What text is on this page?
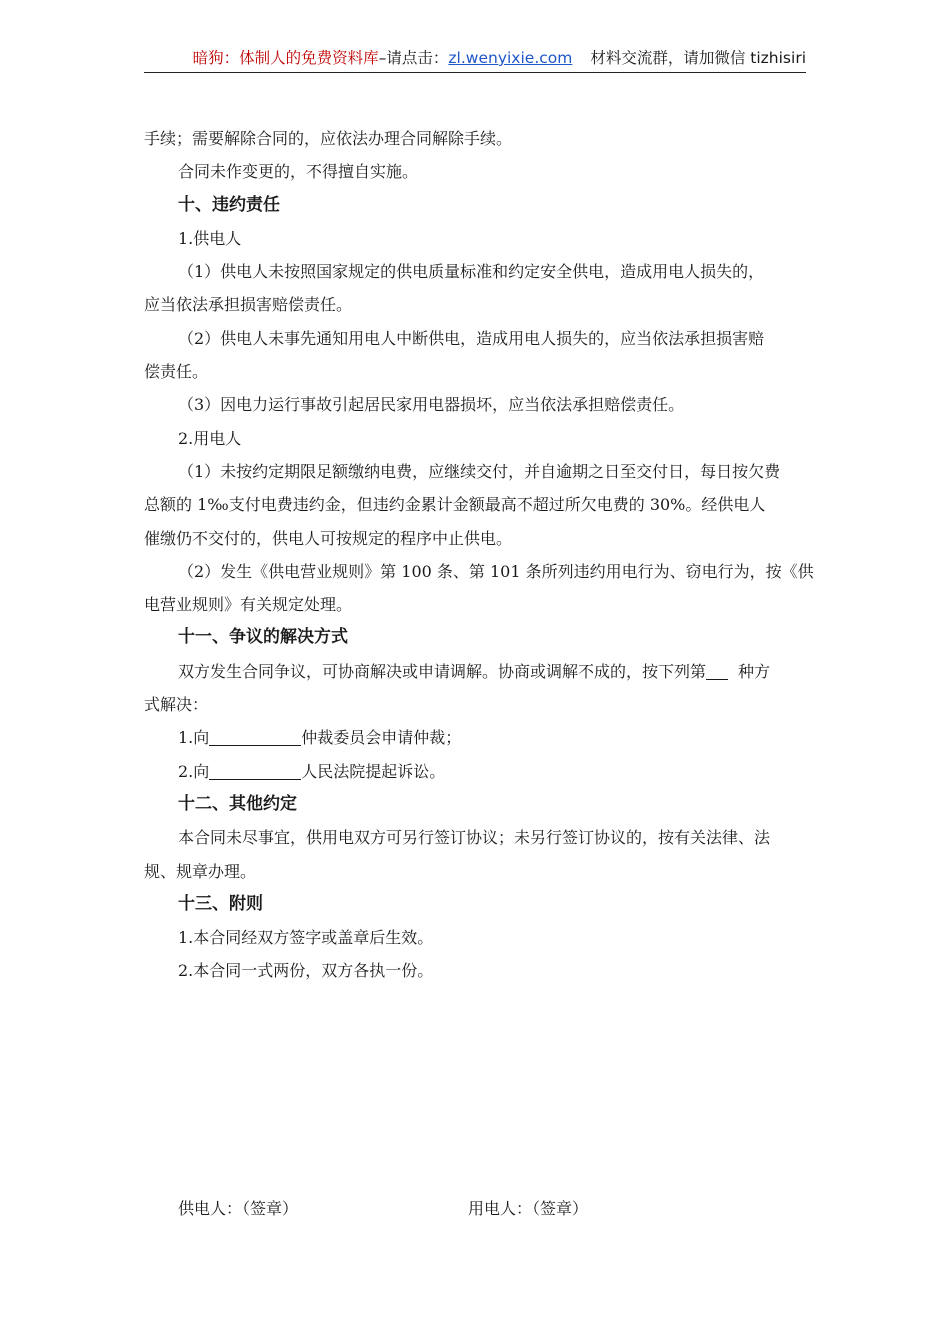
暗狗：体制人的免费资料库–请点击：zl.wenyixie.com 材料交流群，请加微信 tizhisiri
手续；需要解除合同的，应依法办理合同解除手续。
合同未作变更的，不得擅自实施。
十、违约责任
1.供电人
（1）供电人未按照国家规定的供电质量标准和约定安全供电，造成用电人损失的，
应当依法承担损害赔偿责任。
（2）供电人未事先通知用电人中断供电，造成用电人损失的，应当依法承担损害赔
偿责任。
（3）因电力运行事故引起居民家用电器损坏，应当依法承担赔偿责任。
2.用电人
（1）未按约定期限足额缴纳电费，应继续交付，并自逾期之日至交付日，每日按欠费
总额的 1‰支付电费违约金，但违约金累计金额最高不超过所欠电费的 30%。经供电人
催缴仍不交付的，供电人可按规定的程序中止供电。
（2）发生《供电营业规则》第 100 条、第 101 条所列违约用电行为、窃电行为，按《供
电营业规则》有关规定处理。
十一、争议的解决方式
双方发生合同争议，可协商解决或申请调解。协商或调解不成的，按下列第 种方
式解决：
1.向	仲裁委员会申请仲裁；
2.向	人民法院提起诉讼。
十二、其他约定
本合同未尽事宜，供用电双方可另行签订协议；未另行签订协议的，按有关法律、法
规、规章办理。
十三、附则
1.本合同经双方签字或盖章后生效。
2.本合同一式两份，双方各执一份。
供电人：（签章）	用电人：（签章）
